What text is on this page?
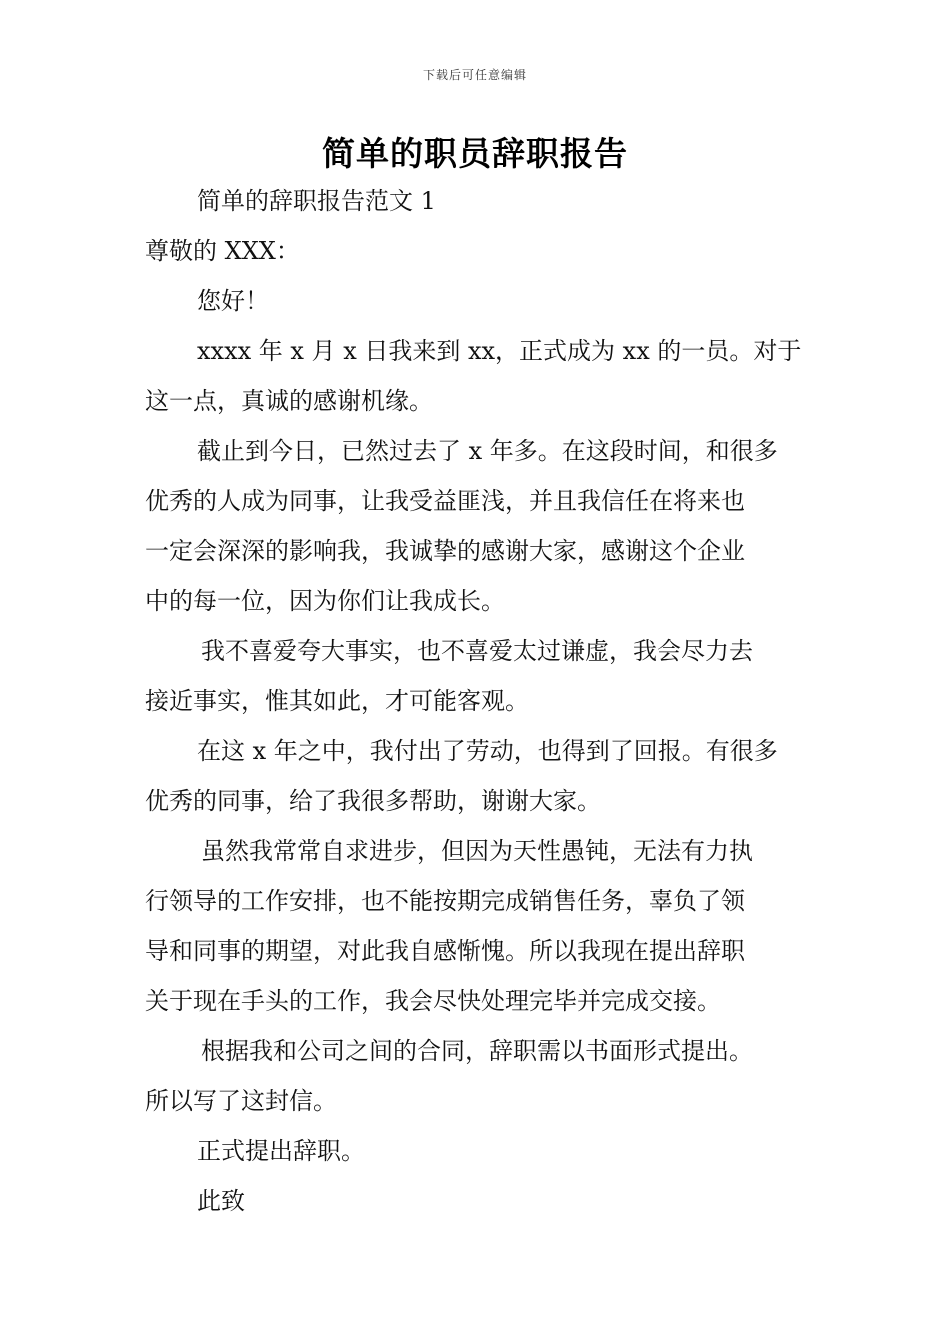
下载后可任意编辑
简单的职员辞职报告
简单的辞职报告范文 1
尊敬的 XXX：
您好！
xxxx 年 x 月 x 日我来到 xx，正式成为 xx 的一员。对于
这一点，真诚的感谢机缘。
截止到今日，已然过去了 x 年多。在这段时间，和很多
优秀的人成为同事，让我受益匪浅，并且我信任在将来也
一定会深深的影响我，我诚挚的感谢大家，感谢这个企业
中的每一位，因为你们让我成长。
我不喜爱夸大事实，也不喜爱太过谦虚，我会尽力去
接近事实，惟其如此，才可能客观。
在这 x 年之中，我付出了劳动，也得到了回报。有很多
优秀的同事，给了我很多帮助，谢谢大家。
虽然我常常自求进步，但因为天性愚钝，无法有力执
行领导的工作安排，也不能按期完成销售任务，辜负了领
导和同事的期望，对此我自感惭愧。所以我现在提出辞职
关于现在手头的工作，我会尽快处理完毕并完成交接。
根据我和公司之间的合同，辞职需以书面形式提出。
所以写了这封信。
正式提出辞职。
此致
